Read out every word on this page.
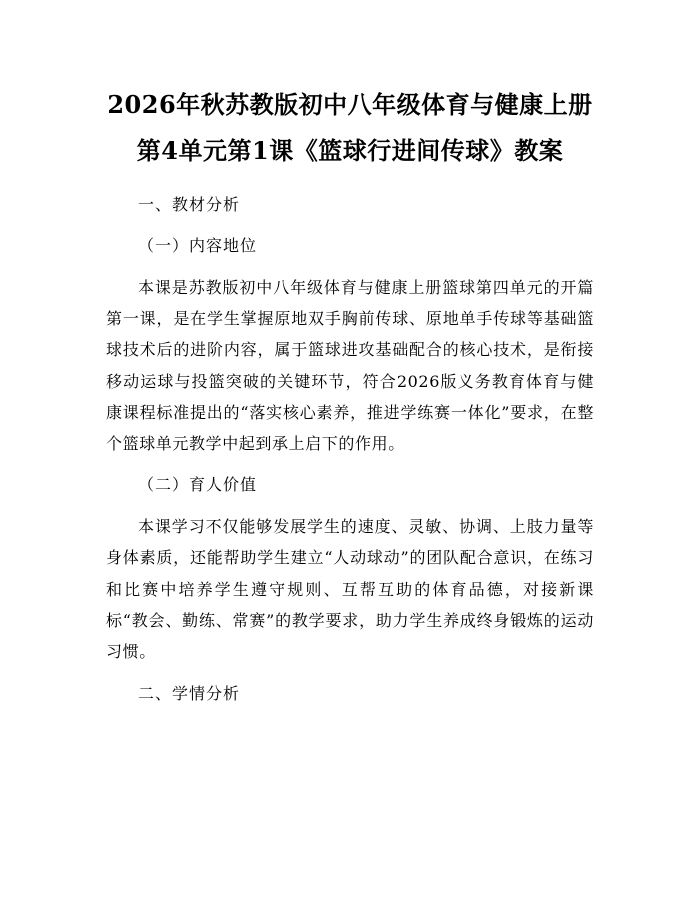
2026年秋苏教版初中八年级体育与健康上册
第4单元第1课《篮球行进间传球》教案

一、教材分析

（一）内容地位

本课是苏教版初中八年级体育与健康上册篮球第四单元的开篇第一课，是在学生掌握原地双手胸前传球、原地单手传球等基础篮球技术后的进阶内容，属于篮球进攻基础配合的核心技术，是衔接移动运球与投篮突破的关键环节，符合2026版义务教育体育与健康课程标准提出的“落实核心素养，推进学练赛一体化”要求，在整个篮球单元教学中起到承上启下的作用。

（二）育人价值

本课学习不仅能够发展学生的速度、灵敏、协调、上肢力量等身体素质，还能帮助学生建立“人动球动”的团队配合意识，在练习和比赛中培养学生遵守规则、互帮互助的体育品德，对接新课标“教会、勤练、常赛”的教学要求，助力学生养成终身锻炼的运动习惯。

二、学情分析
